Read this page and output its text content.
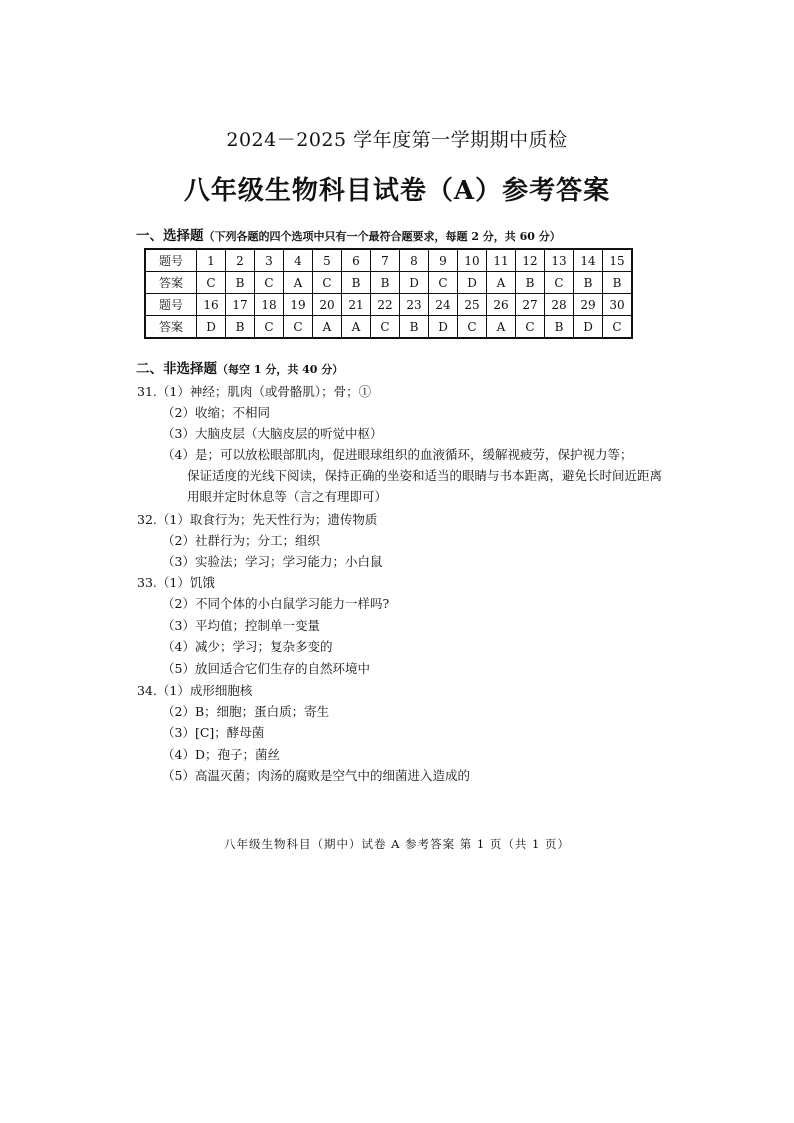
2024－2025 学年度第一学期期中质检
八年级生物科目试卷（A）参考答案
一、选择题（下列各题的四个选项中只有一个最符合题要求，每题 2 分，共 60 分）
题号	1	2	3	4	5	6	7	8	9	10	11	12	13	14	15
答案	C	B	C	A	C	B	B	D	C	D	A	B	C	B	B
题号	16	17	18	19	20	21	22	23	24	25	26	27	28	29	30
答案	D	B	C	C	A	A	C	B	D	C	A	C	B	D	C
二、非选择题（每空 1 分，共 40 分）
31.（1）神经；肌肉（或骨骼肌）；骨；①
（2）收缩；不相同
（3）大脑皮层（大脑皮层的听觉中枢）
（4）是；可以放松眼部肌肉，促进眼球组织的血液循环，缓解视疲劳，保护视力等；
保证适度的光线下阅读，保持正确的坐姿和适当的眼睛与书本距离，避免长时间近距离
用眼并定时休息等（言之有理即可）
32.（1）取食行为；先天性行为；遗传物质
（2）社群行为；分工；组织
（3）实验法；学习；学习能力；小白鼠
33.（1）饥饿
（2）不同个体的小白鼠学习能力一样吗?
（3）平均值；控制单一变量
（4）减少；学习；复杂多变的
（5）放回适合它们生存的自然环境中
34.（1）成形细胞核
（2）B；细胞；蛋白质；寄生
（3）[C]；酵母菌
（4）D；孢子；菌丝
（5）高温灭菌；肉汤的腐败是空气中的细菌进入造成的
八年级生物科目（期中）试卷 A 参考答案 第 1 页（共 1 页）
